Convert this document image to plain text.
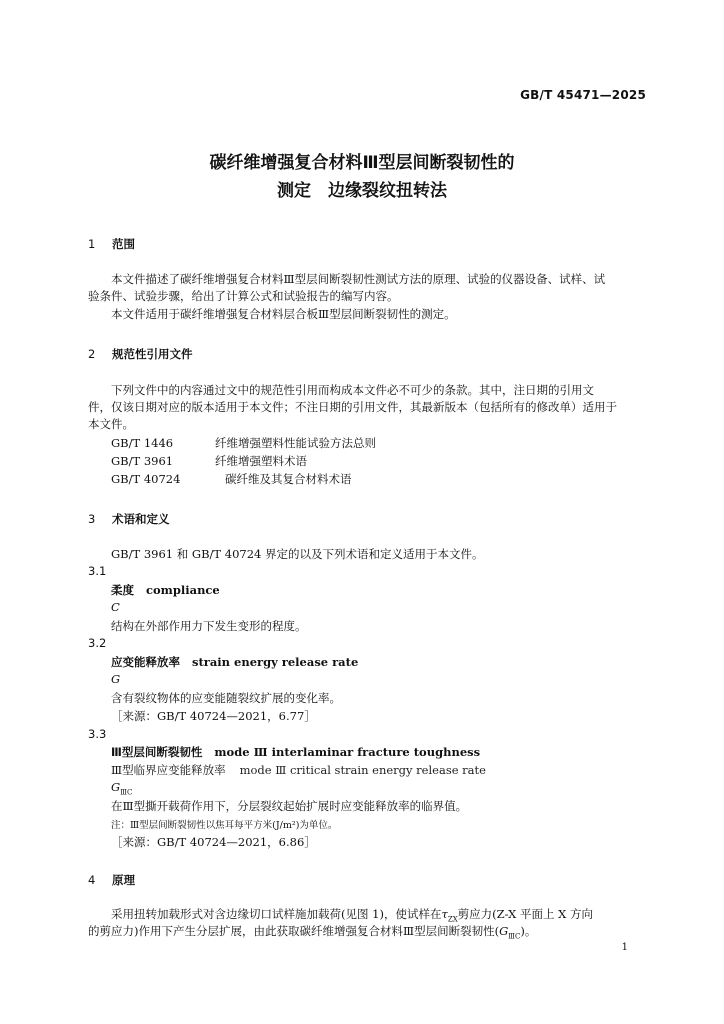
GB/T 45471—2025
碳纤维增强复合材料Ⅲ型层间断裂韧性的
测定　边缘裂纹扭转法
1 范围
本文件描述了碳纤维增强复合材料Ⅲ型层间断裂韧性测试方法的原理、试验的仪器设备、试样、试
验条件、试验步骤，给出了计算公式和试验报告的编写内容。
本文件适用于碳纤维增强复合材料层合板Ⅲ型层间断裂韧性的测定。
2 规范性引用文件
下列文件中的内容通过文中的规范性引用而构成本文件必不可少的条款。其中，注日期的引用文
件，仅该日期对应的版本适用于本文件；不注日期的引用文件，其最新版本（包括所有的修改单）适用于
本文件。
GB/T 1446	纤维增强塑料性能试验方法总则
GB/T 3961	纤维增强塑料术语
GB/T 40724	碳纤维及其复合材料术语
3 术语和定义
GB/T 3961 和 GB/T 40724 界定的以及下列术语和定义适用于本文件。
3.1
柔度 compliance
C
结构在外部作用力下发生变形的程度。
3.2
应变能释放率 strain energy release rate
G
含有裂纹物体的应变能随裂纹扩展的变化率。
［来源：GB/T 40724—2021，6.77］
3.3
Ⅲ型层间断裂韧性 mode Ⅲ interlaminar fracture toughness
Ⅲ型临界应变能释放率 mode Ⅲ critical strain energy release rate
$G_{ⅢC}$
在Ⅲ型撕开载荷作用下，分层裂纹起始扩展时应变能释放率的临界值。
注：Ⅲ型层间断裂韧性以焦耳每平方米(J/m²)为单位。
［来源：GB/T 40724—2021，6.86］
4 原理
采用扭转加载形式对含边缘切口试样施加载荷(见图 1)，使试样在$\tau_{ZX}$剪应力(Z-X 平面上 X 方向
的剪应力)作用下产生分层扩展，由此获取碳纤维增强复合材料Ⅲ型层间断裂韧性$(G_{ⅢC})$。
1
